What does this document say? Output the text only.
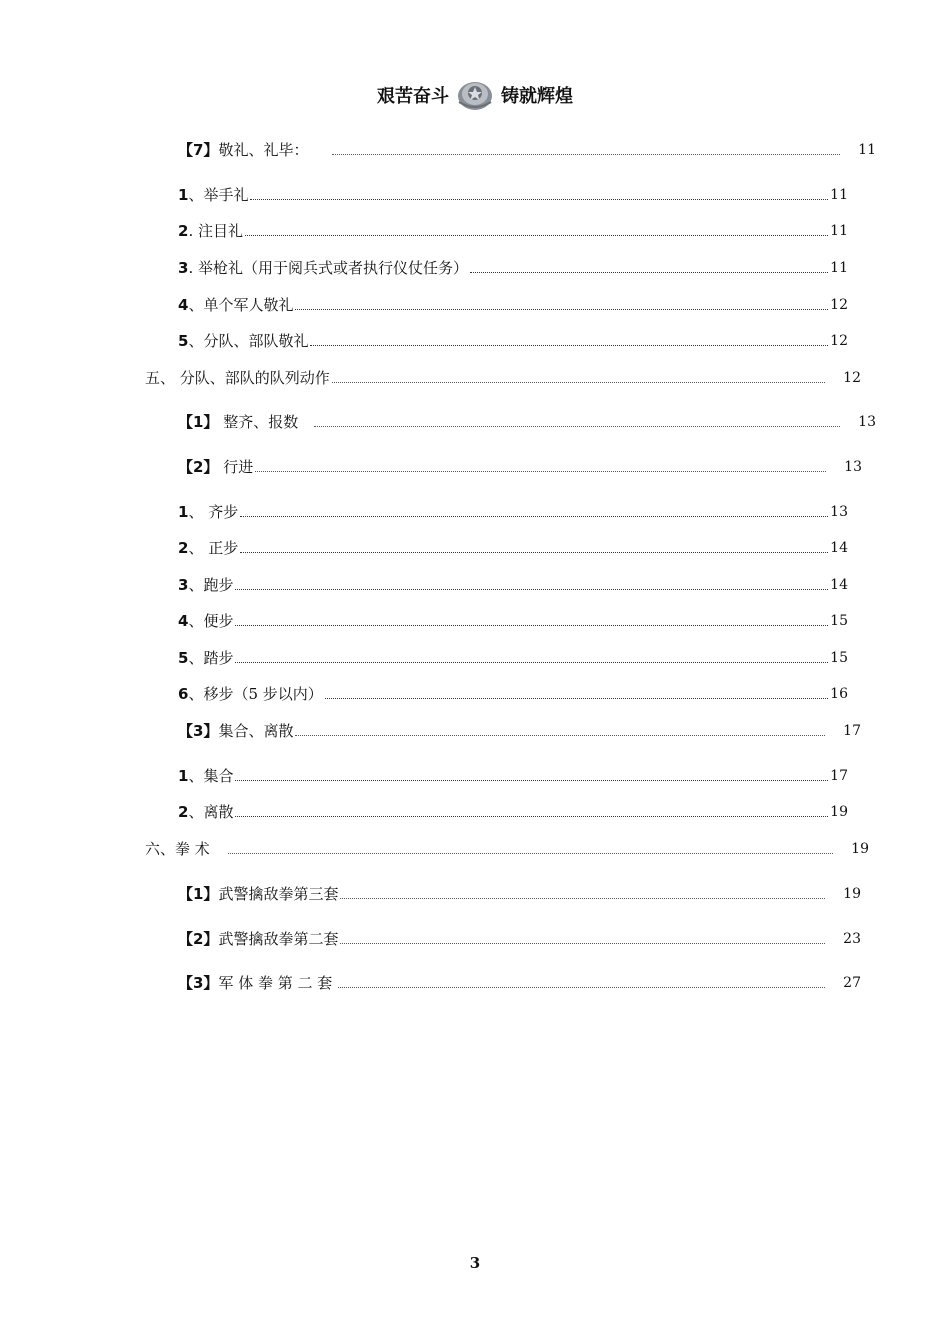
艰苦奋斗	铸就辉煌
【7】敬礼、礼毕：	11
1、举手礼	11
2. 注目礼	11
3. 举枪礼（用于阅兵式或者执行仪仗任务）	11
4、单个军人敬礼	12
5、分队、部队敬礼	12
五、 分队、部队的队列动作	12
【1】 整齐、报数	13
【2】 行进	13
1、 齐步	13
2、 正步	14
3、跑步	14
4、便步	15
5、踏步	15
6、移步（5 步以内）	16
【3】集合、离散	17
1、集合	17
2、离散	19
六、拳 术	19
【1】武警擒敌拳第三套	19
【2】武警擒敌拳第二套	23
【3】军 体 拳 第 二 套	27
3
